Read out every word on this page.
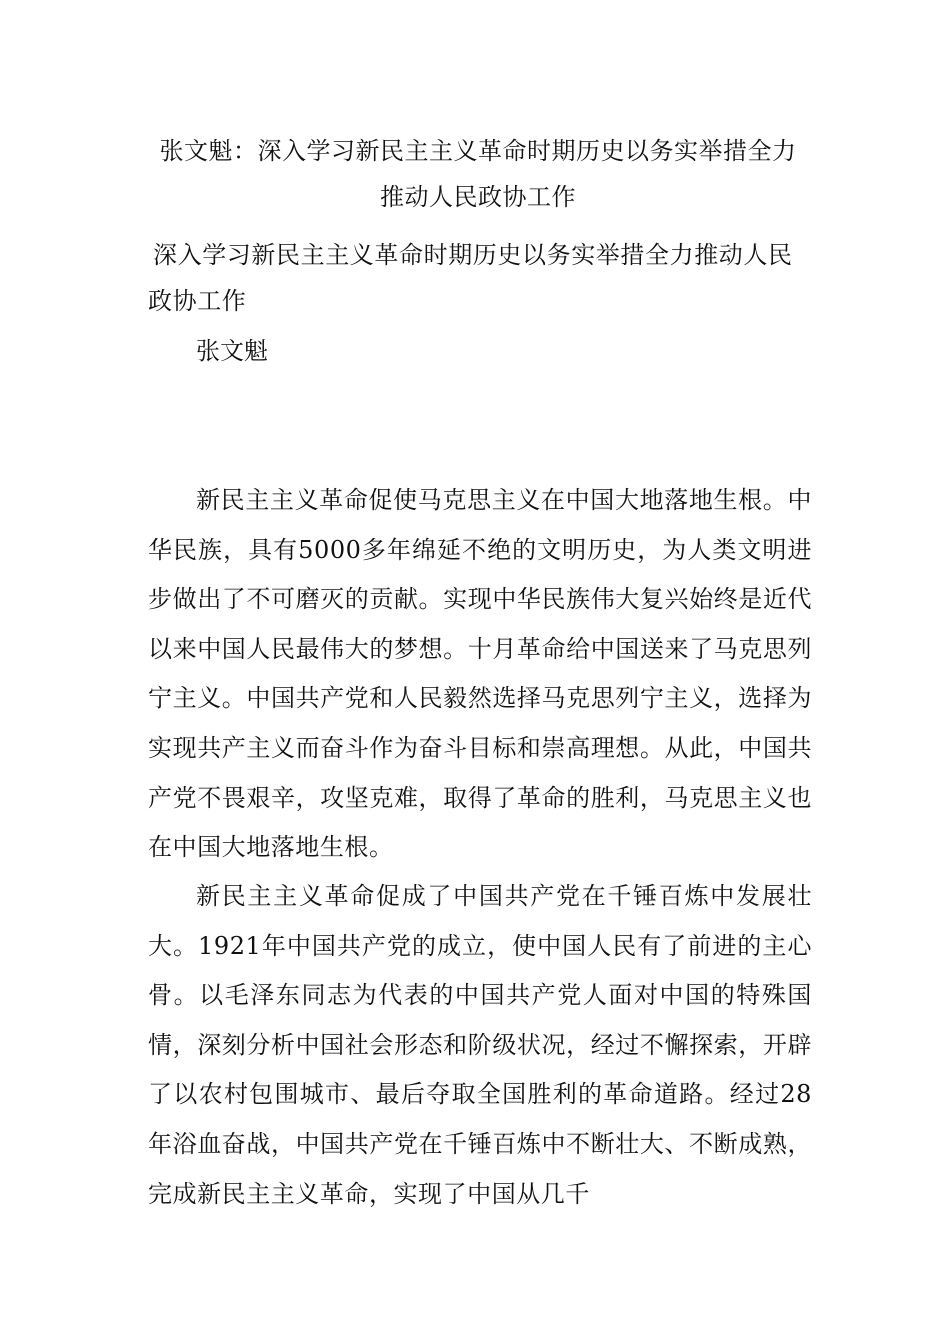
张文魁：深入学习新民主主义革命时期历史以务实举措全力推动人民政协工作
深入学习新民主主义革命时期历史以务实举措全力推动人民政协工作
张文魁

新民主主义革命促使马克思主义在中国大地落地生根。中华民族，具有5000多年绵延不绝的文明历史，为人类文明进步做出了不可磨灭的贡献。实现中华民族伟大复兴始终是近代以来中国人民最伟大的梦想。十月革命给中国送来了马克思列宁主义。中国共产党和人民毅然选择马克思列宁主义，选择为实现共产主义而奋斗作为奋斗目标和崇高理想。从此，中国共产党不畏艰辛，攻坚克难，取得了革命的胜利，马克思主义也在中国大地落地生根。

新民主主义革命促成了中国共产党在千锤百炼中发展壮大。1921年中国共产党的成立，使中国人民有了前进的主心骨。以毛泽东同志为代表的中国共产党人面对中国的特殊国情，深刻分析中国社会形态和阶级状况，经过不懈探索，开辟了以农村包围城市、最后夺取全国胜利的革命道路。经过28年浴血奋战，中国共产党在千锤百炼中不断壮大、不断成熟，完成新民主主义革命，实现了中国从几千
